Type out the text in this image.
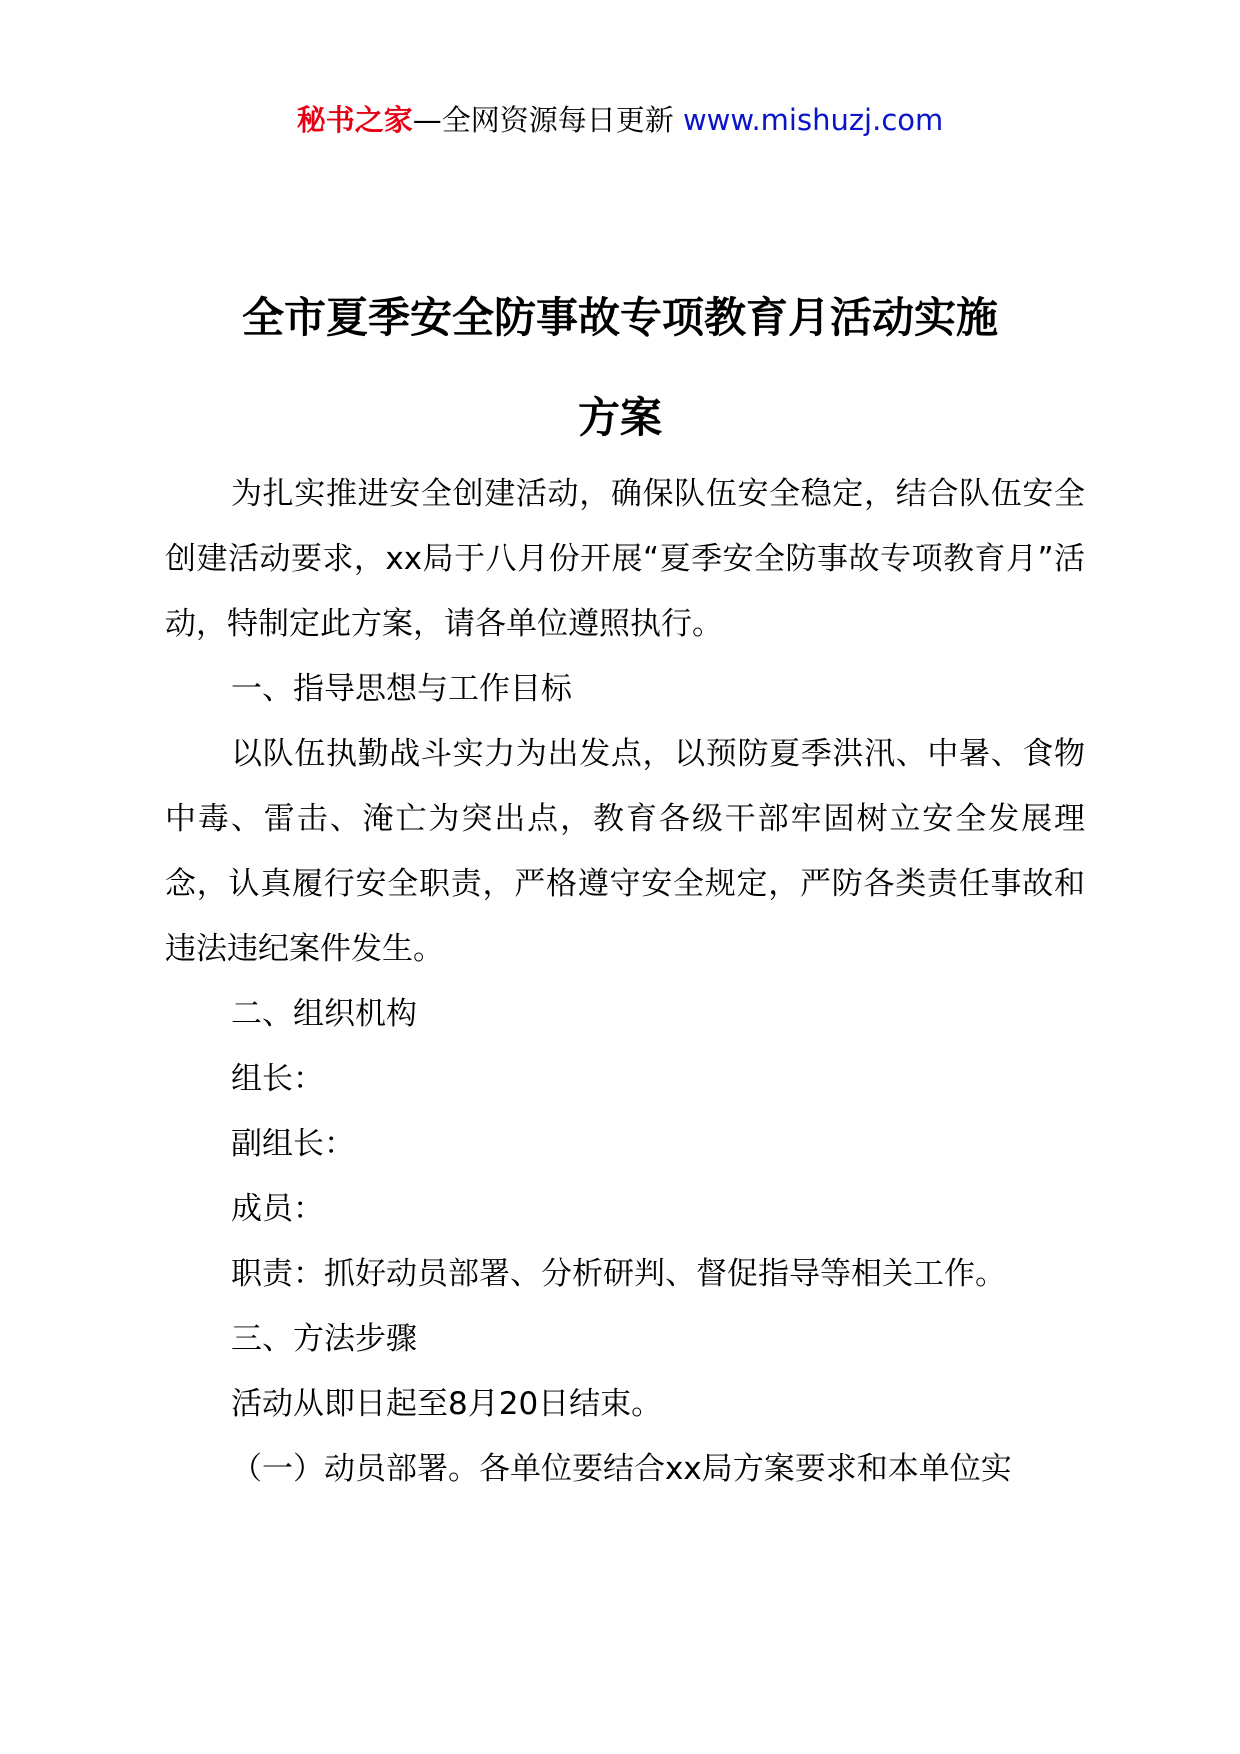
秘书之家—全网资源每日更新 www.mishuzj.com
全市夏季安全防事故专项教育月活动实施
方案

为扎实推进安全创建活动，确保队伍安全稳定，结合队伍安全创建活动要求，xx局于八月份开展“夏季安全防事故专项教育月”活动，特制定此方案，请各单位遵照执行。

一、指导思想与工作目标

以队伍执勤战斗实力为出发点，以预防夏季洪汛、中暑、食物中毒、雷击、淹亡为突出点，教育各级干部牢固树立安全发展理念，认真履行安全职责，严格遵守安全规定，严防各类责任事故和违法违纪案件发生。

二、组织机构

组长：

副组长：

成员：

职责：抓好动员部署、分析研判、督促指导等相关工作。

三、方法步骤

活动从即日起至8月20日结束。

（一）动员部署。各单位要结合xx局方案要求和本单位实
